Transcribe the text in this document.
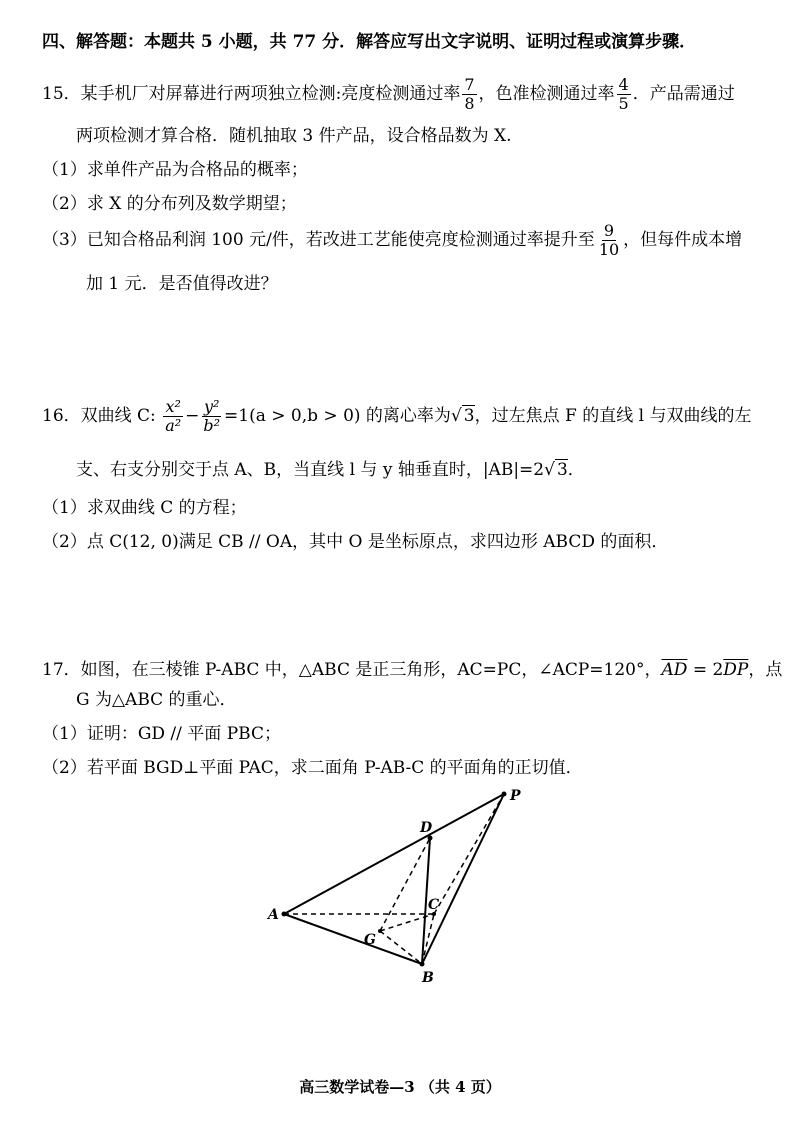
四、解答题：本题共 5 小题，共 77 分．解答应写出文字说明、证明过程或演算步骤．
15．某手机厂对屏幕进行两项独立检测:亮度检测通过率 $\frac{7}{8}$ ，色准检测通过率 $\frac{4}{5}$ ．产品需通过
两项检测才算合格．随机抽取 3 件产品，设合格品数为 X.
（1）求单件产品为合格品的概率；
（2）求 X 的分布列及数学期望；
（3）已知合格品利润 100 元/件，若改进工艺能使亮度检测通过率提升至 $\frac{9}{10}$ ，但每件成本增
加 1 元．是否值得改进？
16．双曲线 C: $\frac{\text{x²}}{\text{a²}} - \frac{\text{y²}}{\text{b²}} =1(a > 0,b > 0)$ 的离心率为√ 3，过左焦点 F 的直线 l 与双曲线的左
支、右支分别交于点 A、B，当直线 l 与 y 轴垂直时，|AB|=2√ 3．
（1）求双曲线 C 的方程；
（2）点 C(12, 0)满足 CB // OA，其中 O 是坐标原点，求四边形 ABCD 的面积．
17．如图，在三棱锥 P-ABC 中，△ABC 是正三角形，AC=PC，∠ACP=120°，$\overline{AD} = 2\overline{DP}$，点
G 为△ABC 的重心．
（1）证明：GD // 平面 PBC；
（2）若平面 BGD⊥平面 PAC，求二面角 P-AB-C 的平面角的正切值．
A
B
C
D
G
P
高三数学试卷—3 （共 4 页）
